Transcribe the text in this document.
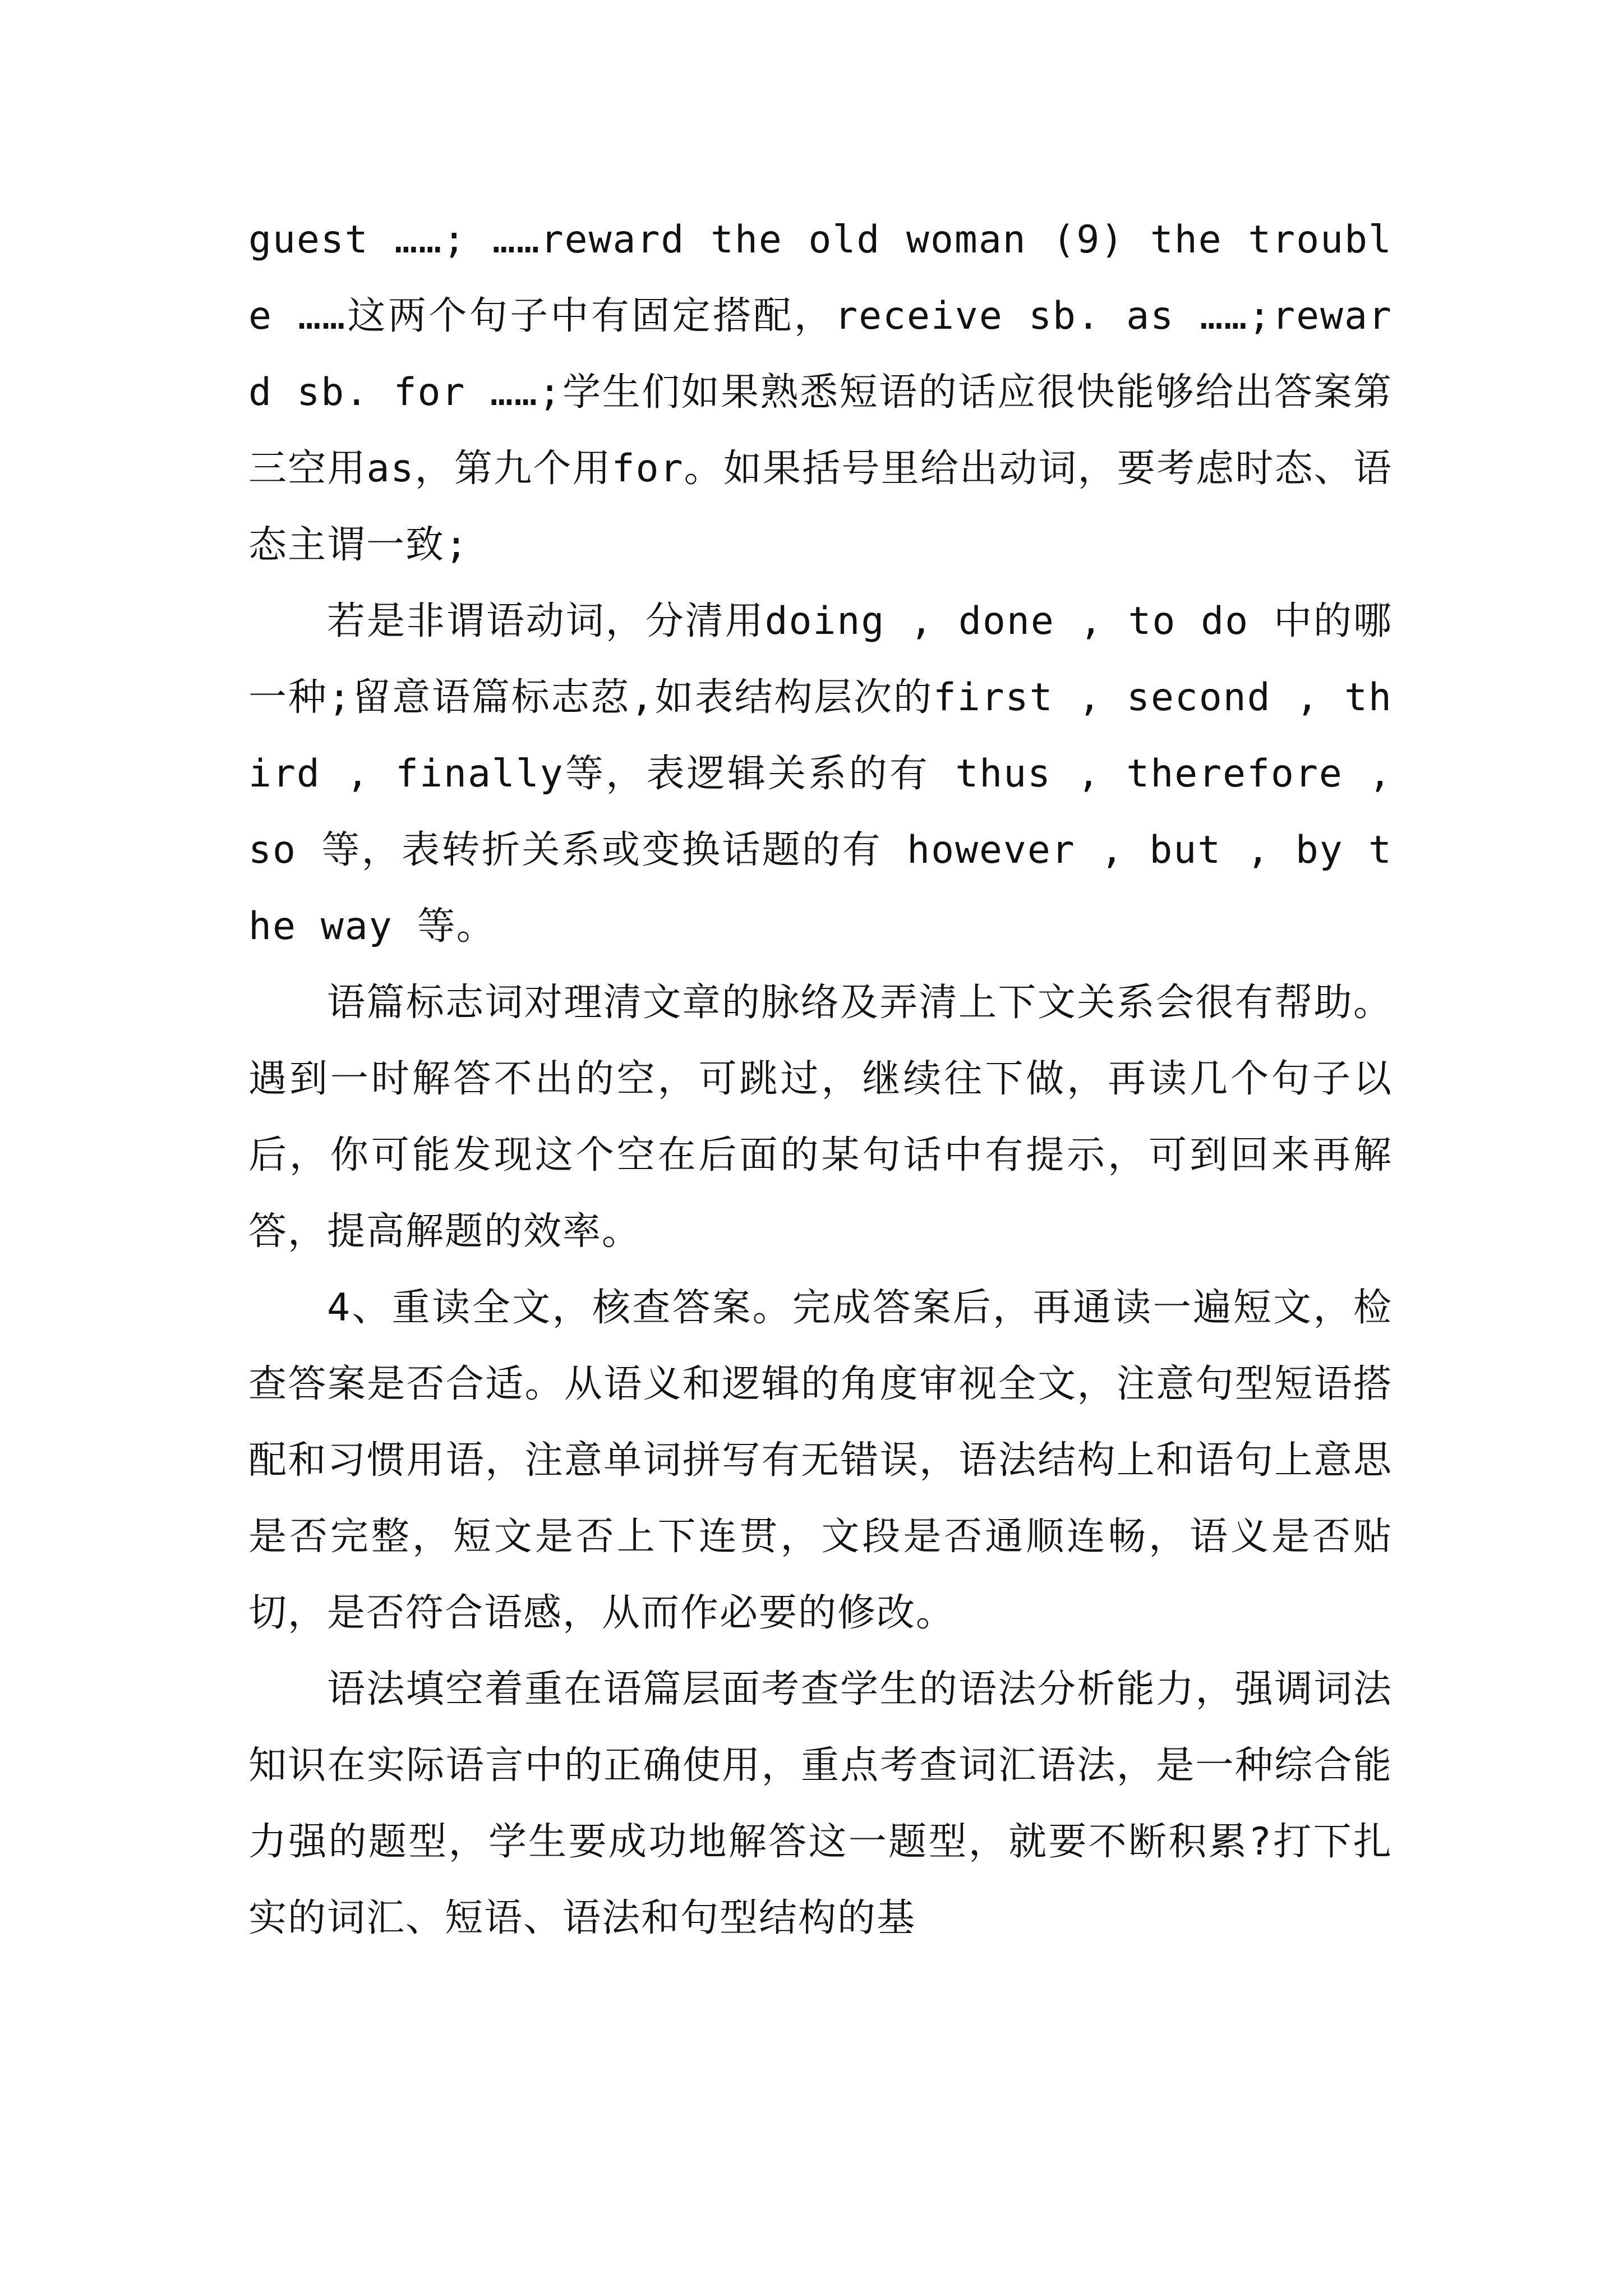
guest ……; ……reward the old woman (9) the trouble ……这两个句子中有固定搭配，receive sb. as ……;reward sb. for ……;学生们如果熟悉短语的话应很快能够给出答案第三空用as，第九个用for。如果括号里给出动词，要考虑时态、语态主谓一致;

若是非谓语动词，分清用doing , done , to do 中的哪一种;留意语篇标志荵,如表结构层次的first , second , third , finally等，表逻辑关系的有 thus , therefore , so 等，表转折关系或变换话题的有 however , but , by the way 等。

语篇标志词对理清文章的脉络及弄清上下文关系会很有帮助。遇到一时解答不出的空，可跳过，继续往下做，再读几个句子以后，你可能发现这个空在后面的某句话中有提示，可到回来再解答，提高解题的效率。

4、重读全文，核查答案。完成答案后，再通读一遍短文，检查答案是否合适。从语义和逻辑的角度审视全文，注意句型短语搭配和习惯用语，注意单词拼写有无错误，语法结构上和语句上意思是否完整，短文是否上下连贯，文段是否通顺连畅，语义是否贴切，是否符合语感，从而作必要的修改。

语法填空着重在语篇层面考查学生的语法分析能力，强调词法知识在实际语言中的正确使用，重点考查词汇语法，是一种综合能力强的题型，学生要成功地解答这一题型，就要不断积累?打下扎实的词汇、短语、语法和句型结构的基
